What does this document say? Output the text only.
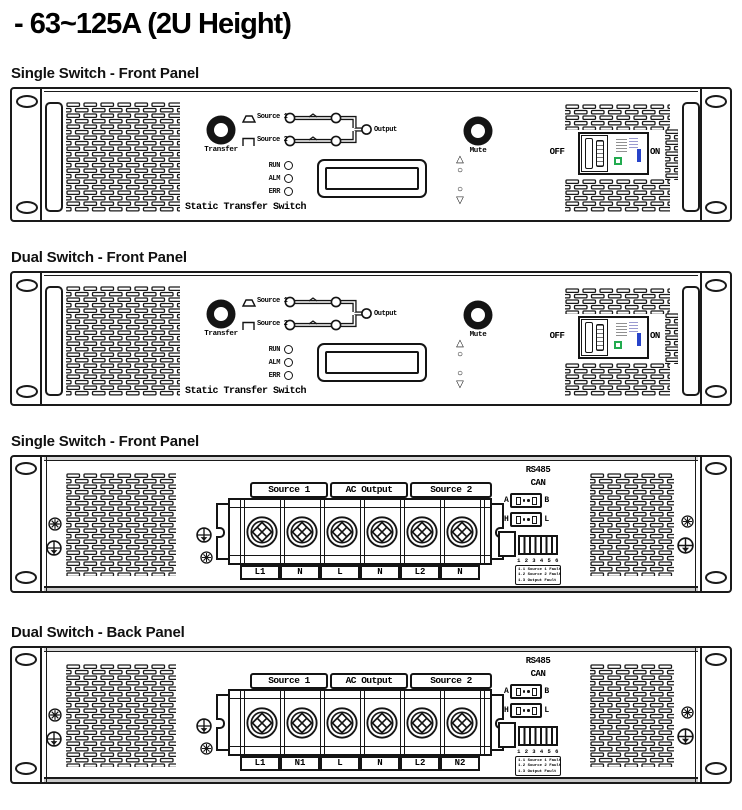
- 63~125A (2U Height)
Single Switch - Front Panel
Transfer
Source 1
Source 2
Output
RUN
ALM
ERR
Static Transfer Switch
△
○
○
▽
Mute	OFF	ON
Dual Switch - Front Panel
Transfer
Source 1
Source 2
Output
RUN
ALM
ERR
Static Transfer Switch
△
○
○
▽
Mute	OFF	ON
Single Switch - Front Panel
Source 1	AC Output	Source 2
L1	N	L	N	L2	N
RS485
CAN
A	B
H	L
1 2 3 4 5 6
1.1 Source 1 Fault
1.2 Source 2 Fault
1.3 Output Fault
Dual Switch - Back Panel
Source 1	AC Output	Source 2
L1	N1	L	N	L2	N2
RS485
CAN
A	B
H	L
1 2 3 4 5 6
1.1 Source 1 Fault
1.2 Source 2 Fault
1.3 Output Fault
